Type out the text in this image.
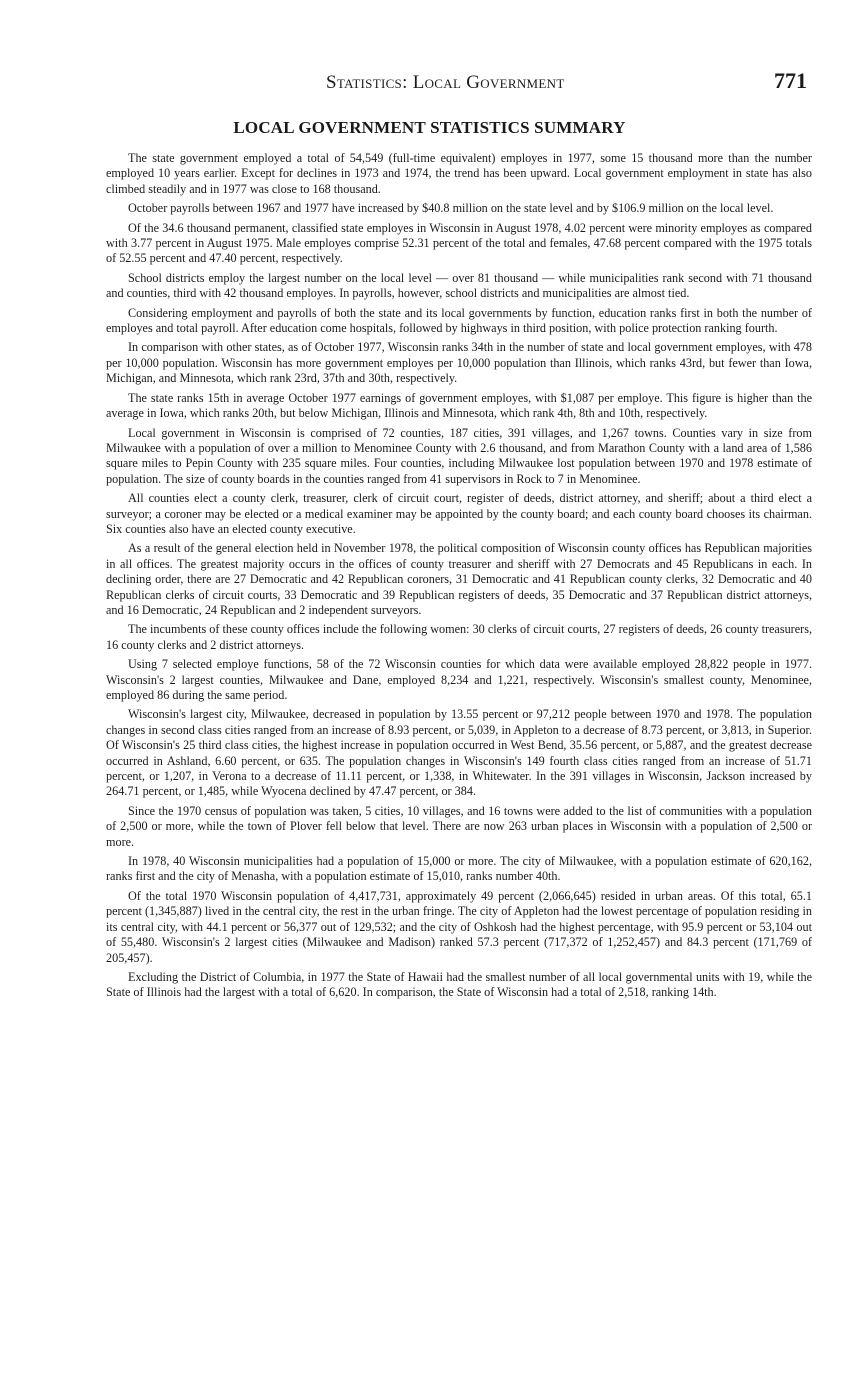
Statistics: Local Government	771
LOCAL GOVERNMENT STATISTICS SUMMARY

The state government employed a total of 54,549 (full-time equivalent) employes in 1977, some 15 thousand more than the number employed 10 years earlier. Except for declines in 1973 and 1974, the trend has been upward. Local government employment in state has also climbed steadily and in 1977 was close to 168 thousand.

October payrolls between 1967 and 1977 have increased by $40.8 million on the state level and by $106.9 million on the local level.

Of the 34.6 thousand permanent, classified state employes in Wisconsin in August 1978, 4.02 percent were minority employes as compared with 3.77 percent in August 1975. Male employes comprise 52.31 percent of the total and females, 47.68 percent compared with the 1975 totals of 52.55 percent and 47.40 percent, respectively.

School districts employ the largest number on the local level — over 81 thousand — while municipalities rank second with 71 thousand and counties, third with 42 thousand employes. In payrolls, however, school districts and municipalities are almost tied.

Considering employment and payrolls of both the state and its local governments by function, education ranks first in both the number of employes and total payroll. After education come hospitals, followed by highways in third position, with police protection ranking fourth.

In comparison with other states, as of October 1977, Wisconsin ranks 34th in the number of state and local government employes, with 478 per 10,000 population. Wisconsin has more government employes per 10,000 population than Illinois, which ranks 43rd, but fewer than Iowa, Michigan, and Minnesota, which rank 23rd, 37th and 30th, respectively.

The state ranks 15th in average October 1977 earnings of government employes, with $1,087 per employe. This figure is higher than the average in Iowa, which ranks 20th, but below Michigan, Illinois and Minnesota, which rank 4th, 8th and 10th, respectively.

Local government in Wisconsin is comprised of 72 counties, 187 cities, 391 villages, and 1,267 towns. Counties vary in size from Milwaukee with a population of over a million to Menominee County with 2.6 thousand, and from Marathon County with a land area of 1,586 square miles to Pepin County with 235 square miles. Four counties, including Milwaukee lost population between 1970 and 1978 estimate of population. The size of county boards in the counties ranged from 41 supervisors in Rock to 7 in Menominee.

All counties elect a county clerk, treasurer, clerk of circuit court, register of deeds, district attorney, and sheriff; about a third elect a surveyor; a coroner may be elected or a medical examiner may be appointed by the county board; and each county board chooses its chairman. Six counties also have an elected county executive.

As a result of the general election held in November 1978, the political composition of Wisconsin county offices has Republican majorities in all offices. The greatest majority occurs in the offices of county treasurer and sheriff with 27 Democrats and 45 Republicans in each. In declining order, there are 27 Democratic and 42 Republican coroners, 31 Democratic and 41 Republican county clerks, 32 Democratic and 40 Republican clerks of circuit courts, 33 Democratic and 39 Republican registers of deeds, 35 Democratic and 37 Republican district attorneys, and 16 Democratic, 24 Republican and 2 independent surveyors.

The incumbents of these county offices include the following women: 30 clerks of circuit courts, 27 registers of deeds, 26 county treasurers, 16 county clerks and 2 district attorneys.

Using 7 selected employe functions, 58 of the 72 Wisconsin counties for which data were available employed 28,822 people in 1977. Wisconsin's 2 largest counties, Milwaukee and Dane, employed 8,234 and 1,221, respectively. Wisconsin's smallest county, Menominee, employed 86 during the same period.

Wisconsin's largest city, Milwaukee, decreased in population by 13.55 percent or 97,212 people between 1970 and 1978. The population changes in second class cities ranged from an increase of 8.93 percent, or 5,039, in Appleton to a decrease of 8.73 percent, or 3,813, in Superior. Of Wisconsin's 25 third class cities, the highest increase in population occurred in West Bend, 35.56 percent, or 5,887, and the greatest decrease occurred in Ashland, 6.60 percent, or 635. The population changes in Wisconsin's 149 fourth class cities ranged from an increase of 51.71 percent, or 1,207, in Verona to a decrease of 11.11 percent, or 1,338, in Whitewater. In the 391 villages in Wisconsin, Jackson increased by 264.71 percent, or 1,485, while Wyocena declined by 47.47 percent, or 384.

Since the 1970 census of population was taken, 5 cities, 10 villages, and 16 towns were added to the list of communities with a population of 2,500 or more, while the town of Plover fell below that level. There are now 263 urban places in Wisconsin with a population of 2,500 or more.

In 1978, 40 Wisconsin municipalities had a population of 15,000 or more. The city of Milwaukee, with a population estimate of 620,162, ranks first and the city of Menasha, with a population estimate of 15,010, ranks number 40th.

Of the total 1970 Wisconsin population of 4,417,731, approximately 49 percent (2,066,645) resided in urban areas. Of this total, 65.1 percent (1,345,887) lived in the central city, the rest in the urban fringe. The city of Appleton had the lowest percentage of population residing in its central city, with 44.1 percent or 56,377 out of 129,532; and the city of Oshkosh had the highest percentage, with 95.9 percent or 53,104 out of 55,480. Wisconsin's 2 largest cities (Milwaukee and Madison) ranked 57.3 percent (717,372 of 1,252,457) and 84.3 percent (171,769 of 205,457).

Excluding the District of Columbia, in 1977 the State of Hawaii had the smallest number of all local governmental units with 19, while the State of Illinois had the largest with a total of 6,620. In comparison, the State of Wisconsin had a total of 2,518, ranking 14th.
